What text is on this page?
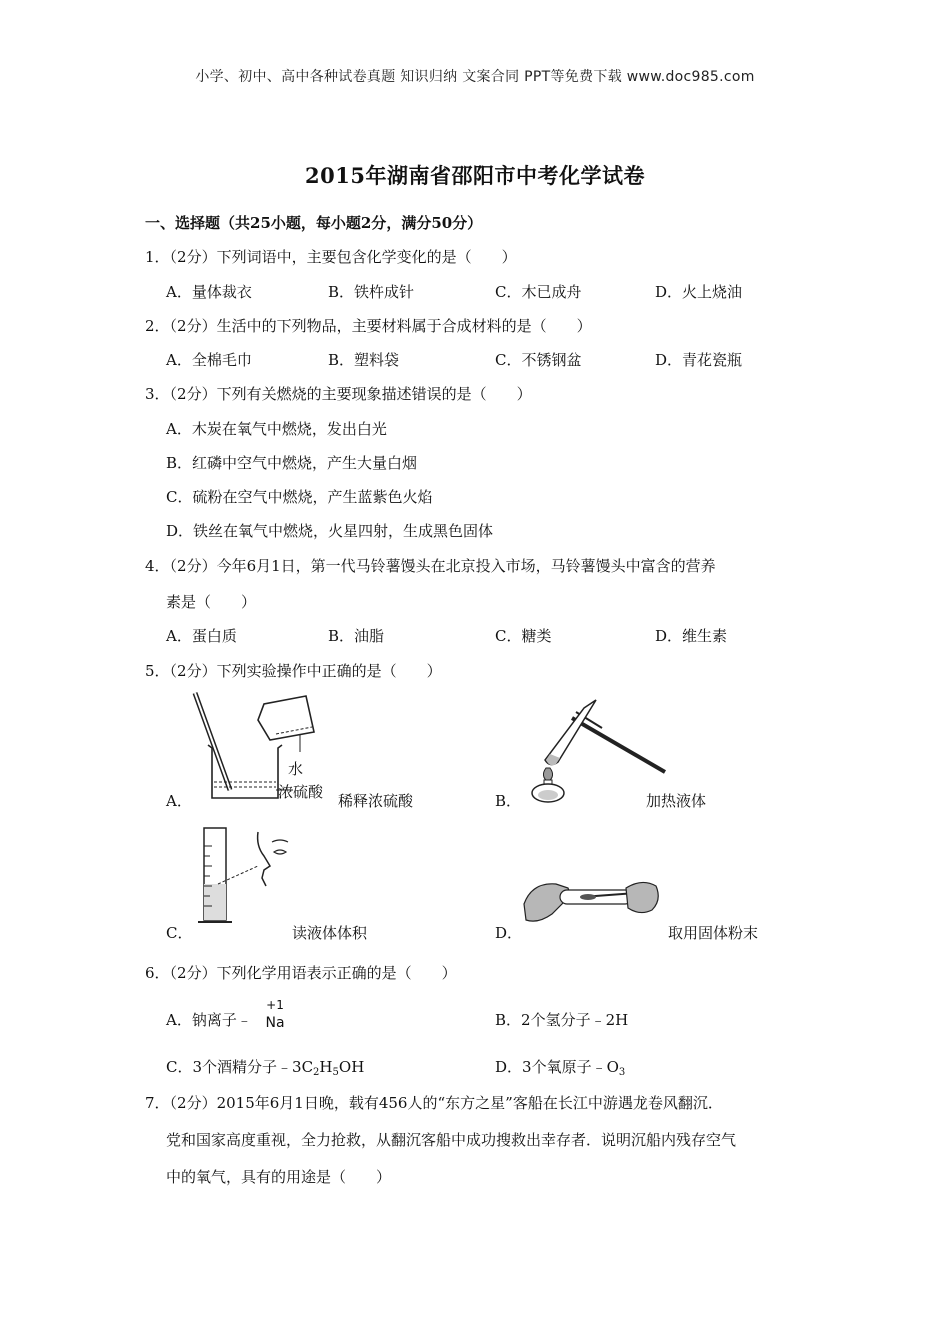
小学、初中、高中各种试卷真题 知识归纳 文案合同 PPT等免费下载 www.doc985.com
2015年湖南省邵阳市中考化学试卷
一、选择题（共25小题，每小题2分，满分50分）
1．（2分）下列词语中，主要包含化学变化的是（　　）
A．量体裁衣	B．铁杵成针	C．木已成舟	D．火上烧油
2．（2分）生活中的下列物品，主要材料属于合成材料的是（　　）
A．全棉毛巾	B．塑料袋	C．不锈钢盆	D．青花瓷瓶
3．（2分）下列有关燃烧的主要现象描述错误的是（　　）
A．木炭在氧气中燃烧，发出白光
B．红磷中空气中燃烧，产生大量白烟
C．硫粉在空气中燃烧，产生蓝紫色火焰
D．铁丝在氧气中燃烧，火星四射，生成黑色固体
4．（2分）今年6月1日，第一代马铃薯馒头在北京投入市场，马铃薯馒头中富含的营养
素是（　　）
A．蛋白质	B．油脂	C．糖类	D．维生素
5．（2分）下列实验操作中正确的是（　　）
水
浓硫酸
A．	稀释浓硫酸	B．	加热液体
C．	读液体体积	D．	取用固体粉末
6．（2分）下列化学用语表示正确的是（　　）
A．钠离子﹣
+1
Na	B．2个氢分子﹣2H
C．3个酒精分子$﹣3C_2H_5OH$	D．3个氧原子$﹣O_3$
7．（2分）2015年6月1日晚，载有456人的“东方之星”客船在长江中游遇龙卷风翻沉．
党和国家高度重视，全力抢救，从翻沉客船中成功搜救出幸存者．说明沉船内残存空气
中的氧气，具有的用途是（　　）
